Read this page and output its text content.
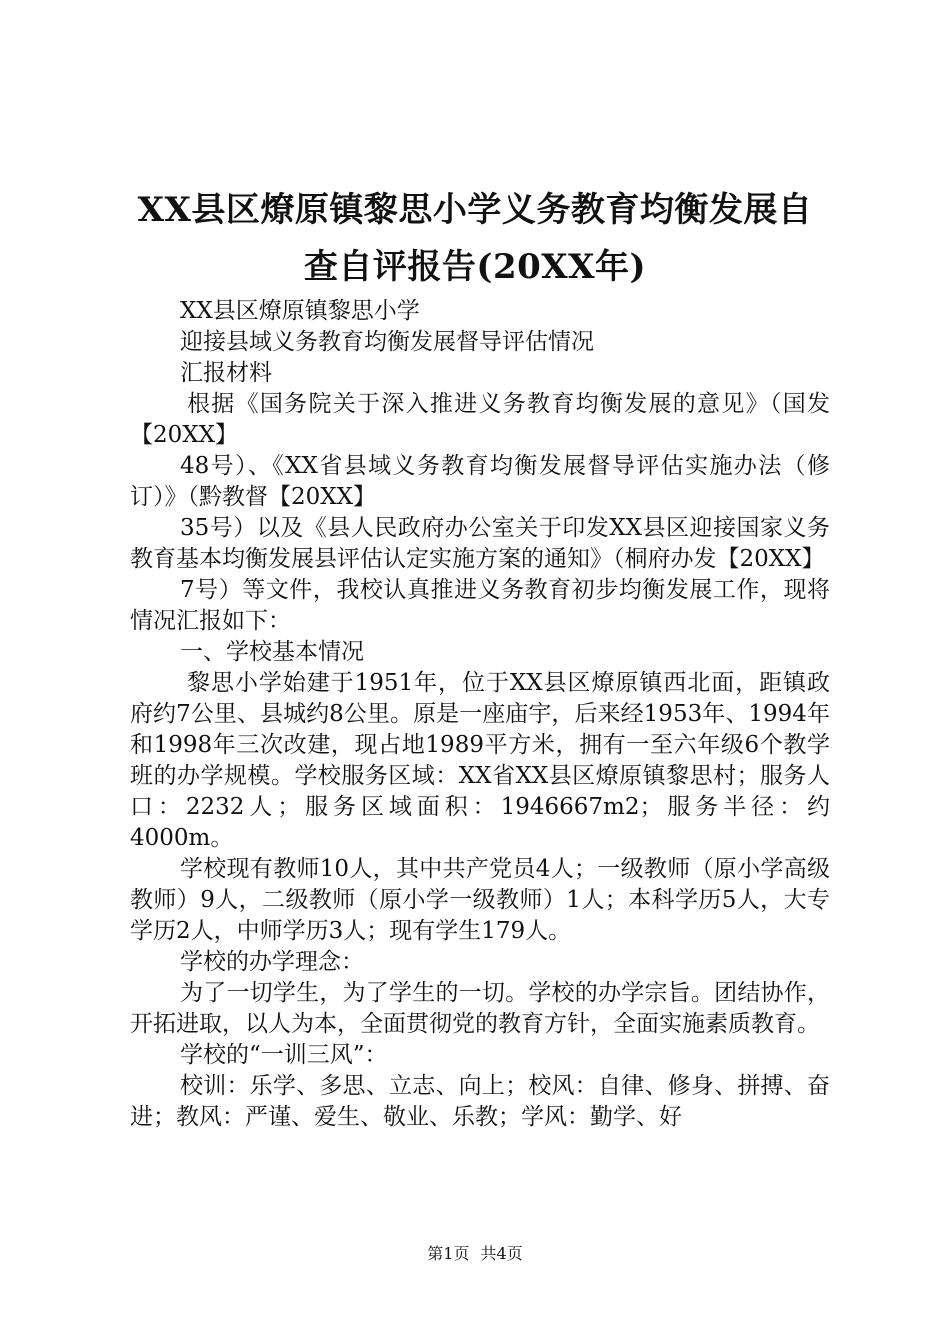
XX县区燎原镇黎思小学义务教育均衡发展自
查自评报告(20XX年)

XX县区燎原镇黎思小学

迎接县域义务教育均衡发展督导评估情况

汇报材料

根据《国务院关于深入推进义务教育均衡发展的意见》（国发【20XX】

48号）、《XX省县域义务教育均衡发展督导评估实施办法（修订）》（黔教督【20XX】

35号）以及《县人民政府办公室关于印发XX县区迎接国家义务教育基本均衡发展县评估认定实施方案的通知》（桐府办发【20XX】

7号）等文件，我校认真推进义务教育初步均衡发展工作，现将情况汇报如下：

一、学校基本情况

黎思小学始建于1951年，位于XX县区燎原镇西北面，距镇政府约7公里、县城约8公里。原是一座庙宇，后来经1953年、1994年和1998年三次改建，现占地1989平方米，拥有一至六年级6个教学班的办学规模。学校服务区域：XX省XX县区燎原镇黎思村；服务人口：2232人；服务区域面积：1946667m2；服务半径：约4000m。

学校现有教师10人，其中共产党员4人；一级教师（原小学高级教师）9人，二级教师（原小学一级教师）1人；本科学历5人，大专学历2人，中师学历3人；现有学生179人。

学校的办学理念：

为了一切学生，为了学生的一切。学校的办学宗旨。团结协作，开拓进取，以人为本，全面贯彻党的教育方针，全面实施素质教育。

学校的“一训三风”：

校训：乐学、多思、立志、向上；校风：自律、修身、拼搏、奋进；教风：严谨、爱生、敬业、乐教；学风：勤学、好

第1页 共4页
